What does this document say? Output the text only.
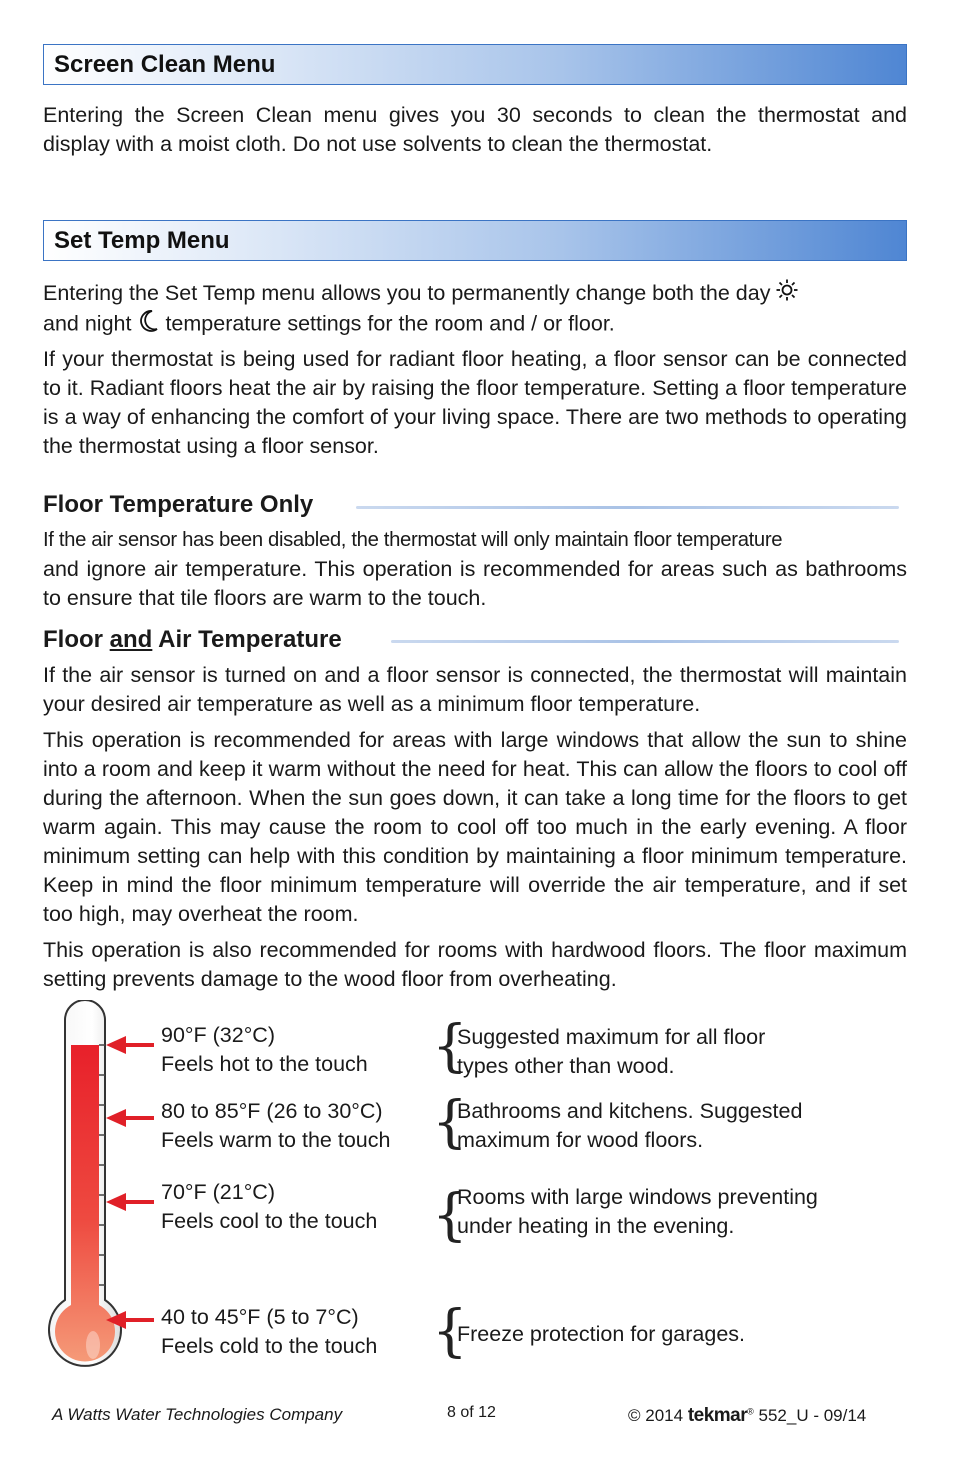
Screen Clean Menu

Entering the Screen Clean menu gives you 30 seconds to clean the thermostat and display with a moist cloth. Do not use solvents to clean the thermostat.

Set Temp Menu

Entering the Set Temp menu allows you to permanently change both the day
and night temperature settings for the room and / or floor.

If your thermostat is being used for radiant floor heating, a floor sensor can be connected to it. Radiant floors heat the air by raising the floor temperature. Setting a floor temperature is a way of enhancing the comfort of your living space. There are two methods to operating the thermostat using a floor sensor.

Floor Temperature Only

If the air sensor has been disabled, the thermostat will only maintain floor temperature

and ignore air temperature. This operation is recommended for areas such as bathrooms to ensure that tile floors are warm to the touch.

Floor and Air Temperature

If the air sensor is turned on and a floor sensor is connected, the thermostat will maintain your desired air temperature as well as a minimum floor temperature.

This operation is recommended for areas with large windows that allow the sun to shine into a room and keep it warm without the need for heat. This can allow the floors to cool off during the afternoon. When the sun goes down, it can take a long time for the floors to get warm again. This may cause the room to cool off too much in the early evening. A floor minimum setting can help with this condition by maintaining a floor minimum temperature. Keep in mind the floor minimum temperature will override the air temperature, and if set too high, may overheat the room.

This operation is also recommended for rooms with hardwood floors. The floor maximum setting prevents damage to the wood floor from overheating.

90°F (32°C)
Feels hot to the touch {
Suggested maximum for all floor
types other than wood.
80 to 85°F (26 to 30°C)
Feels warm to the touch {
Bathrooms and kitchens. Suggested
maximum for wood floors.
70°F (21°C)
Feels cool to the touch {
Rooms with large windows preventing
under heating in the evening.
40 to 45°F (5 to 7°C)
Feels cold to the touch {
Freeze protection for garages.
A Watts Water Technologies Company	8 of 12	© 2014 tekmar® 552_U - 09/14
